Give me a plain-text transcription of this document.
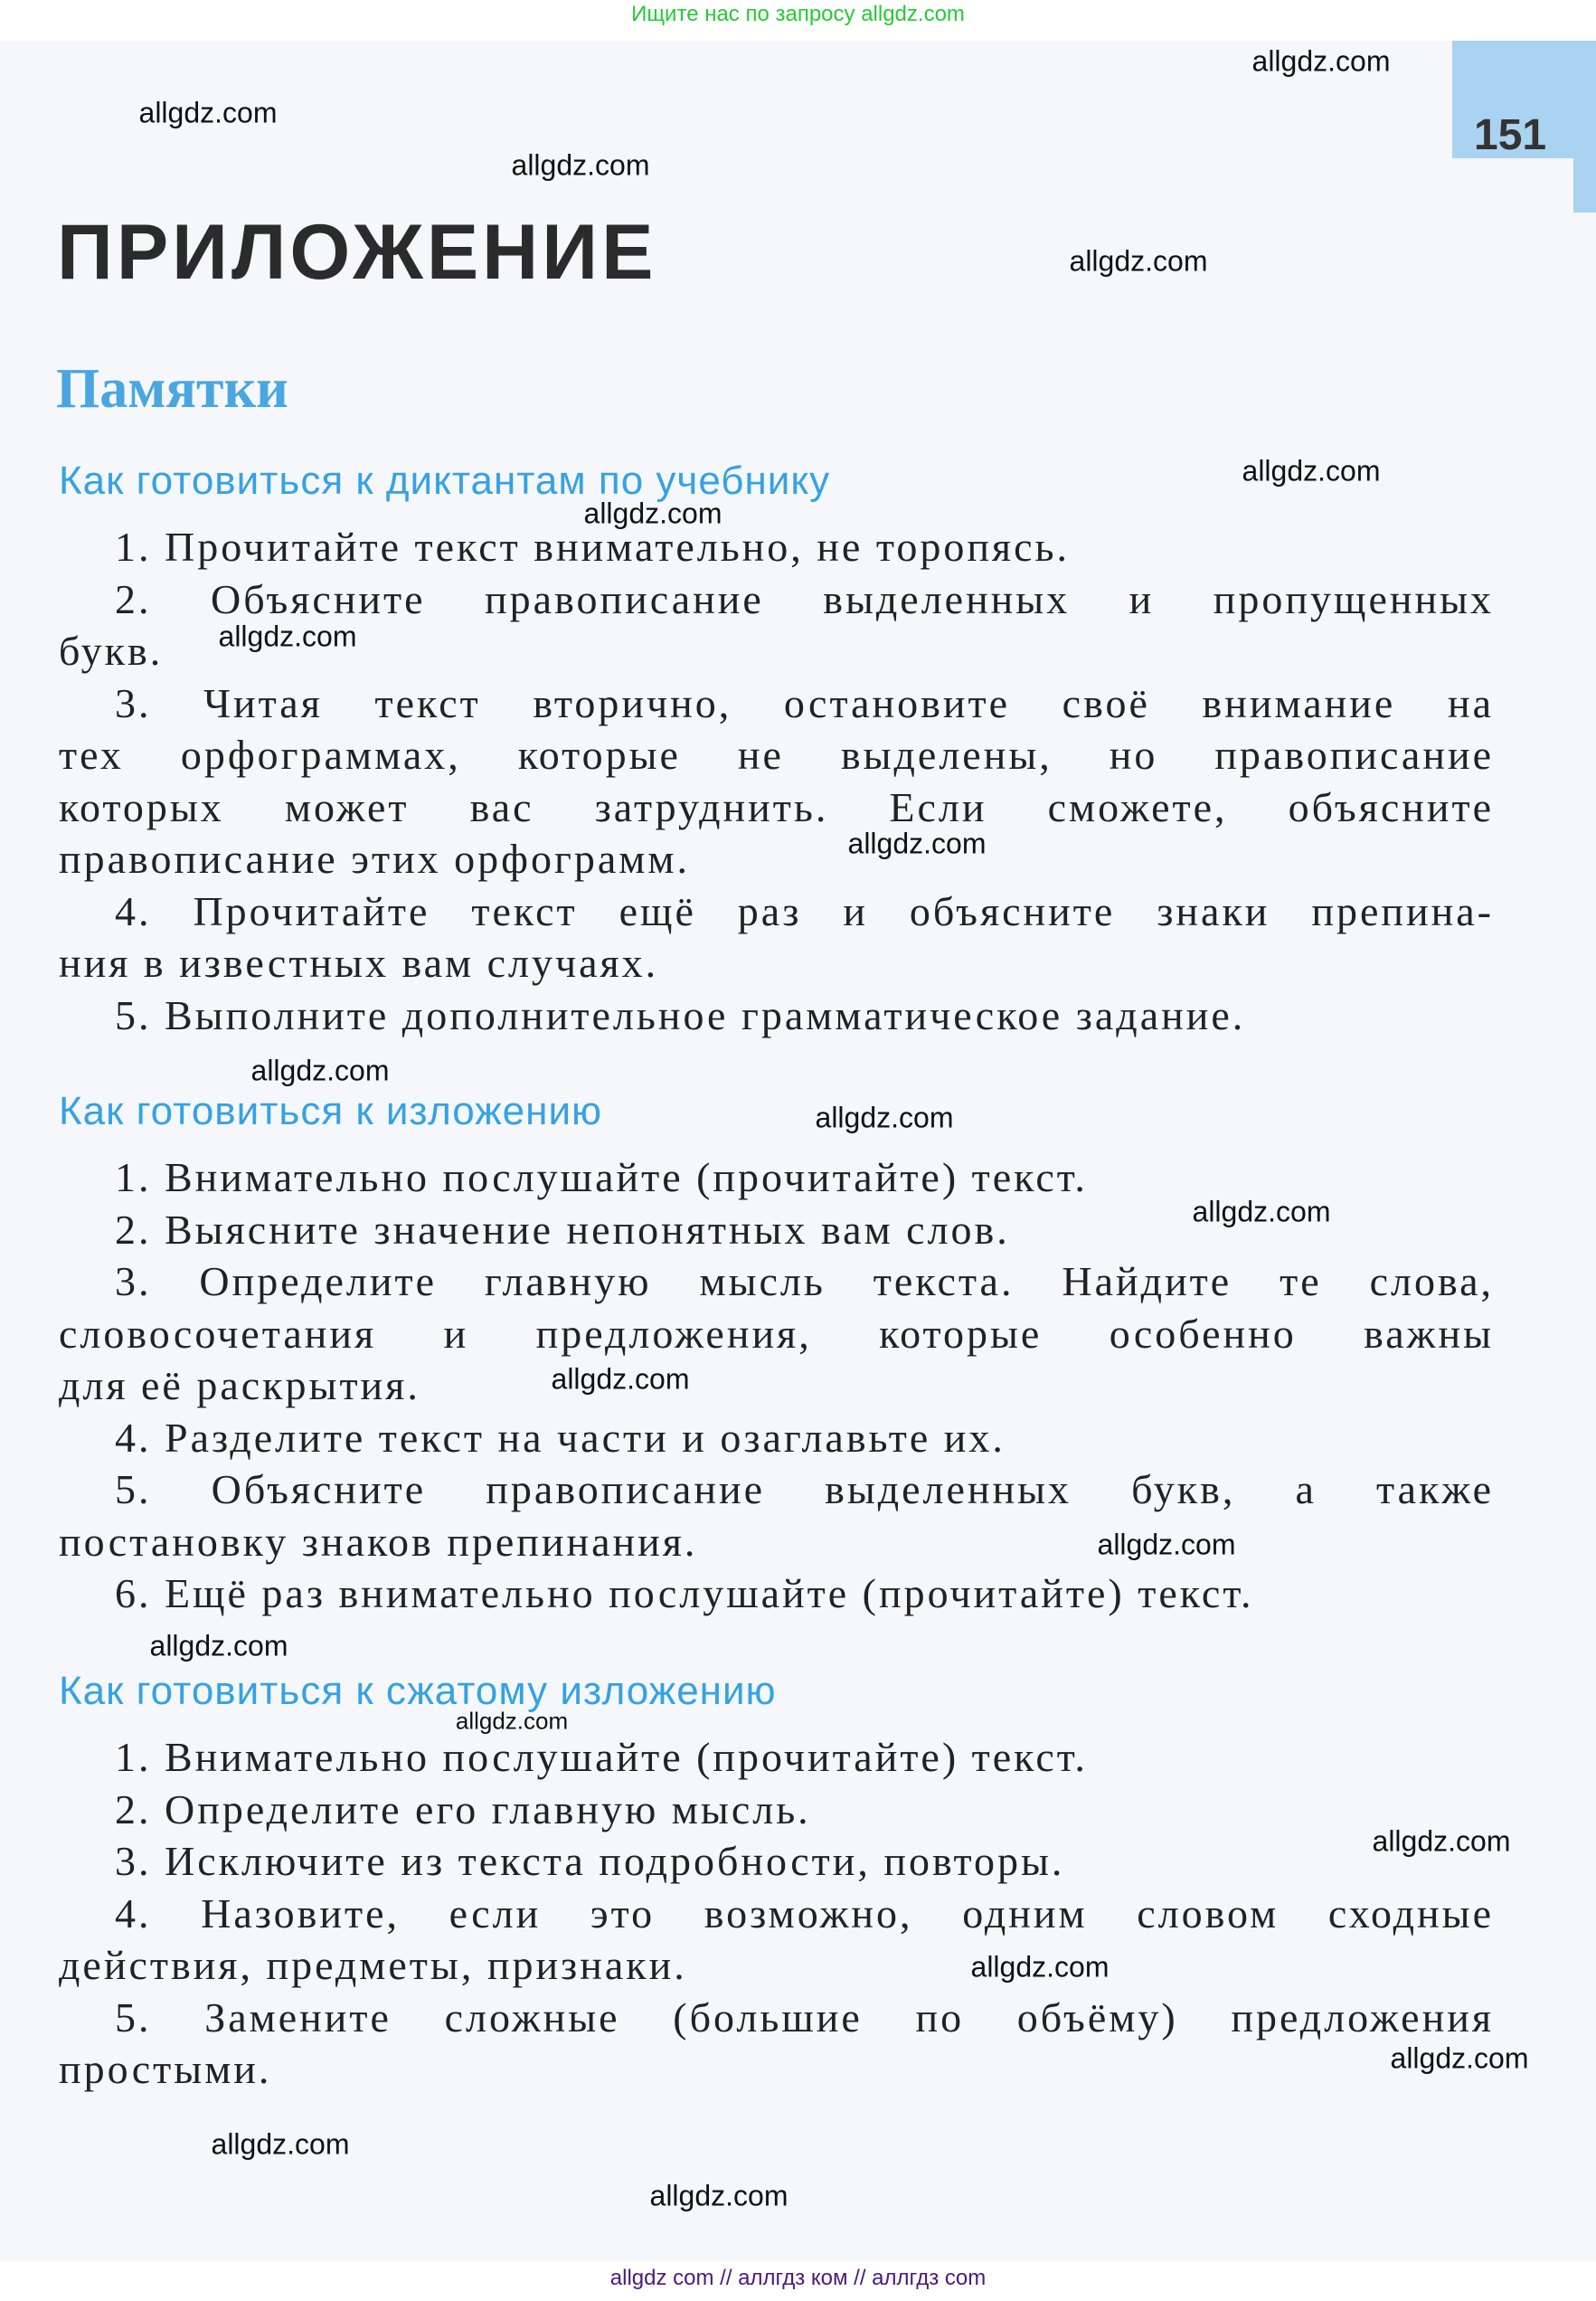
Ищите нас по запросу allgdz.com
151
ПРИЛОЖЕНИЕ
Памятки
Как готовиться к диктантам по учебнику
1. Прочитайте текст внимательно, не торопясь.
2. Объясните правописание выделенных и пропущенных
букв.
3. Читая текст вторично, остановите своё внимание на
тех орфограммах, которые не выделены, но правописание
которых может вас затруднить. Если сможете, объясните
правописание этих орфограмм.
4. Прочитайте текст ещё раз и объясните знаки препина-
ния в известных вам случаях.
5. Выполните дополнительное грамматическое задание.
Как готовиться к изложению
1. Внимательно послушайте (прочитайте) текст.
2. Выясните значение непонятных вам слов.
3. Определите главную мысль текста. Найдите те слова,
словосочетания и предложения, которые особенно важны
для её раскрытия.
4. Разделите текст на части и озаглавьте их.
5. Объясните правописание выделенных букв, а также
постановку знаков препинания.
6. Ещё раз внимательно послушайте (прочитайте) текст.
Как готовиться к сжатому изложению
1. Внимательно послушайте (прочитайте) текст.
2. Определите его главную мысль.
3. Исключите из текста подробности, повторы.
4. Назовите, если это возможно, одним словом сходные
действия, предметы, признаки.
5. Замените сложные (большие по объёму) предложения
простыми.
allgdz.com
allgdz.com
allgdz.com
allgdz.com
allgdz.com
allgdz.com
allgdz.com
allgdz.com
allgdz.com
allgdz.com
allgdz.com
allgdz.com
allgdz.com
allgdz.com
allgdz.com
allgdz.com
allgdz.com
allgdz.com
allgdz.com
allgdz.com
allgdz com // аллгдз ком // аллгдз com
